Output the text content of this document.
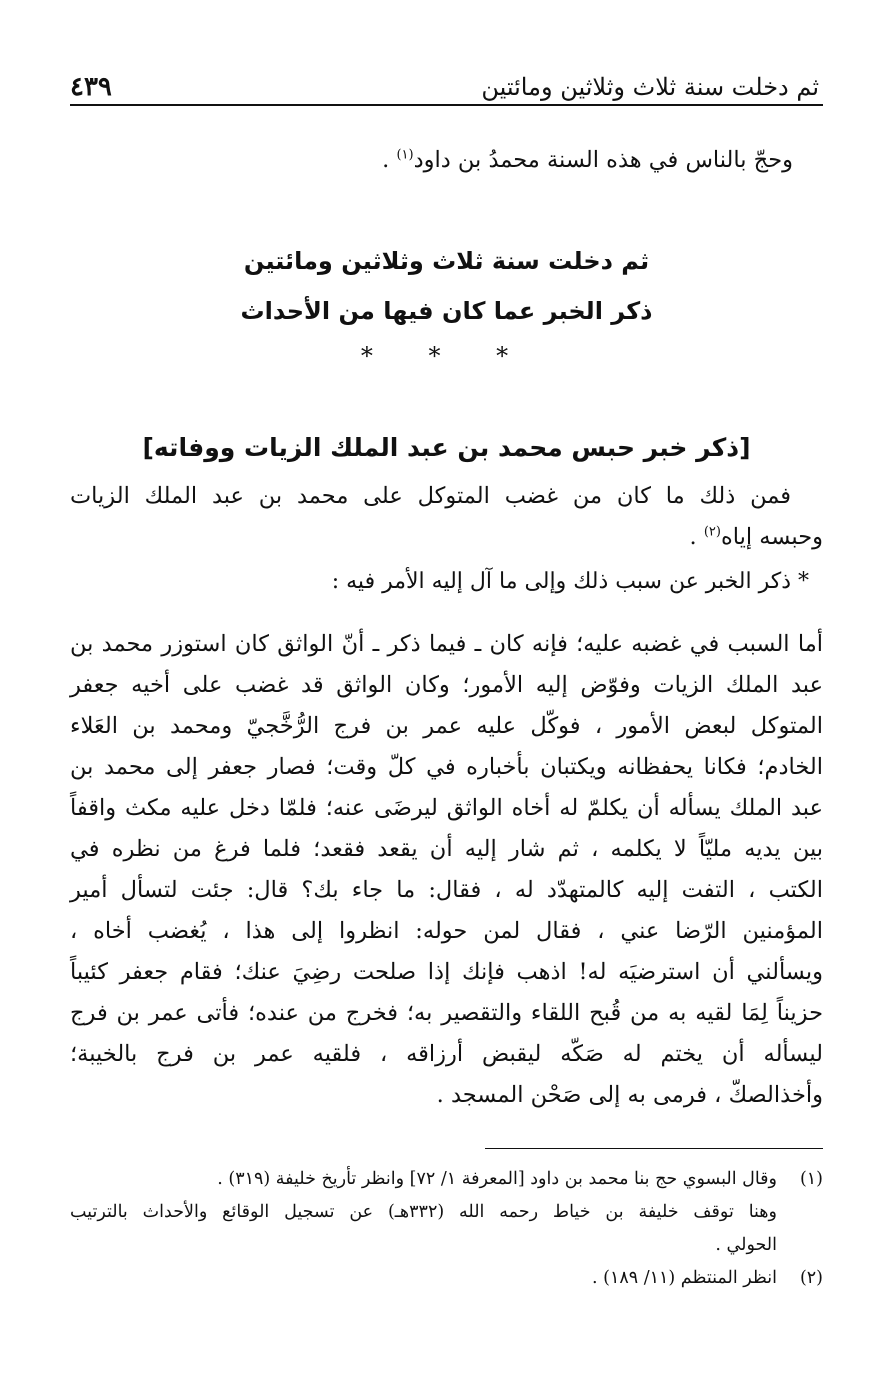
ثم دخلت سنة ثلاث وثلاثين ومائتين
٤٣٩

وحجّ بالناس في هذه السنة محمدُ بن داود$^{(١)}$ .

ثم دخلت سنة ثلاث وثلاثين ومائتين

ذكر الخبر عما كان فيها من الأحداث

* * *

[ذكر خبر حبس محمد بن عبد الملك الزيات ووفاته]

فمن ذلك ما كان من غضب المتوكل على محمد بن عبد الملك الزيات

وحبسه إياه$^{(٢)}$ .

* ذكر الخبر عن سبب ذلك وإلى ما آل إليه الأمر فيه :

أما السبب في غضبه عليه؛ فإنه كان ـ فيما ذكر ـ أنّ الواثق كان استوزر محمد بن

عبد الملك الزيات وفوّض إليه الأمور؛ وكان الواثق قد غضب على أخيه جعفر

المتوكل لبعض الأمور ، فوكّل عليه عمر بن فرج الرُّخَّجيّ ومحمد بن العَلاء

الخادم؛ فكانا يحفظانه ويكتبان بأخباره في كلّ وقت؛ فصار جعفر إلى محمد بن

عبد الملك يسأله أن يكلمّ له أخاه الواثق ليرضَى عنه؛ فلمّا دخل عليه مكث واقفاً

بين يديه مليّاً لا يكلمه ، ثم شار إليه أن يقعد فقعد؛ فلما فرغ من نظره في

الكتب ، التفت إليه كالمتهدّد له ، فقال: ما جاء بك؟ قال: جئت لتسأل أمير

المؤمنين الرّضا عني ، فقال لمن حوله: انظروا إلى هذا ، يُغضب أخاه ،

ويسألني أن استرضيَه له! اذهب فإنك إذا صلحت رضِيَ عنك؛ فقام جعفر كئيباً

حزيناً لِمَا لقيه به من قُبح اللقاء والتقصير به؛ فخرج من عنده؛ فأتى عمر بن فرج

ليسأله أن يختم له صَكّه ليقبض أرزاقه ، فلقيه عمر بن فرج بالخيبة؛

وأخذالصكّ ، فرمى به إلى صَحْن المسجد .

(١)
وقال البسوي حج بنا محمد بن داود [المعرفة ١/ ٧٢] وانظر تأريخ خليفة (٣١٩) .
وهنا توقف خليفة بن خياط رحمه الله (٣٣٢هـ) عن تسجيل الوقائع والأحداث بالترتيب
الحولي .
(٢)
انظر المنتظم (١١/ ١٨٩) .
